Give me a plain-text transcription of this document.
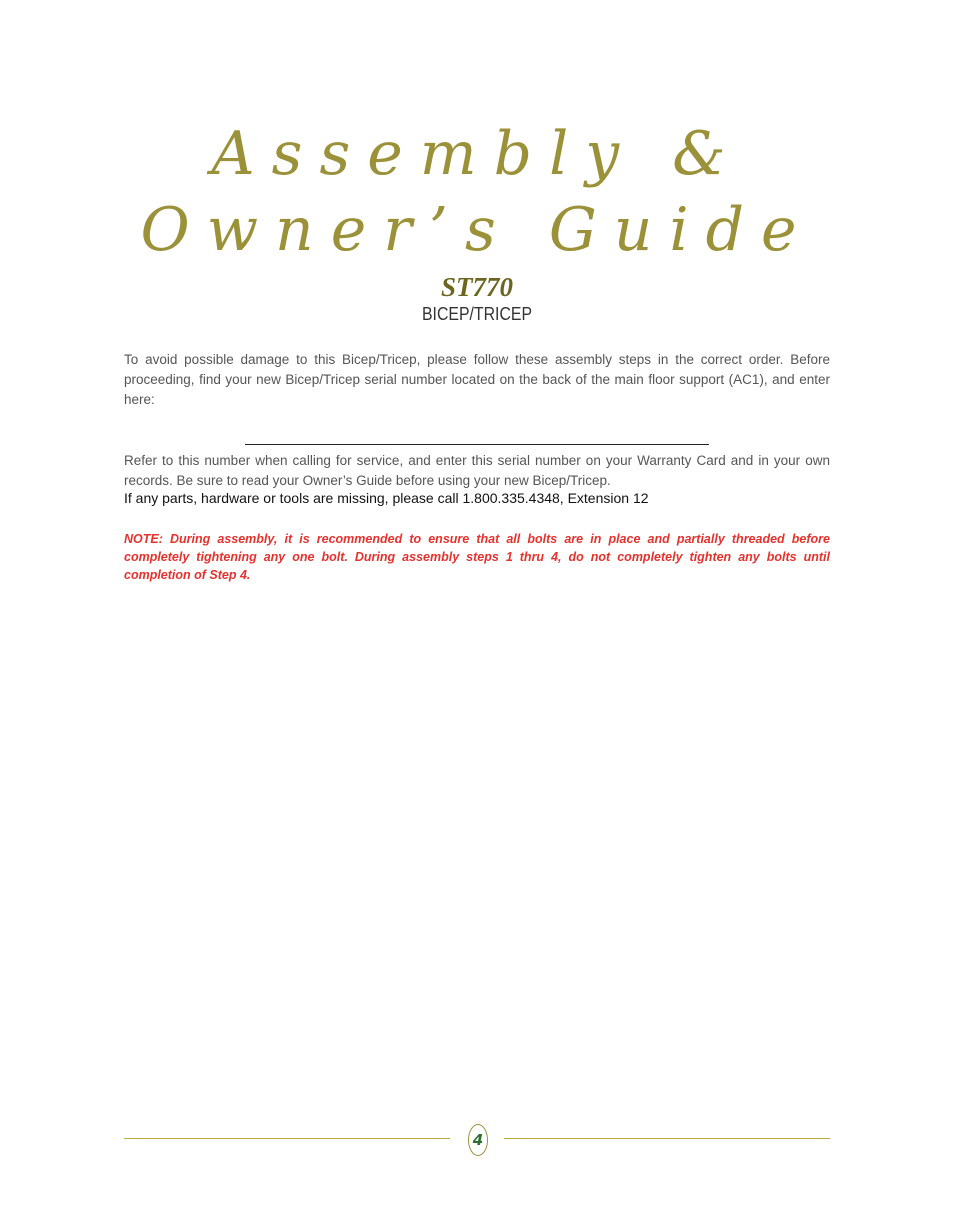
Assembly &
Owner’s Guide
ST770
BICEP/TRICEP

To avoid possible damage to this Bicep/Tricep, please follow these assembly steps in the correct order. Before proceeding, find your new Bicep/Tricep serial number located on the back of the main floor support (AC1), and enter here:

Refer to this number when calling for service, and enter this serial number on your Warranty Card and in your own records. Be sure to read your Owner’s Guide before using your new Bicep/Tricep.

If any parts, hardware or tools are missing, please call 1.800.335.4348, Extension 12

NOTE: During assembly, it is recommended to ensure that all bolts are in place and partially threaded before completely tightening any one bolt. During assembly steps 1 thru 4, do not completely tighten any bolts until completion of Step 4.

4
